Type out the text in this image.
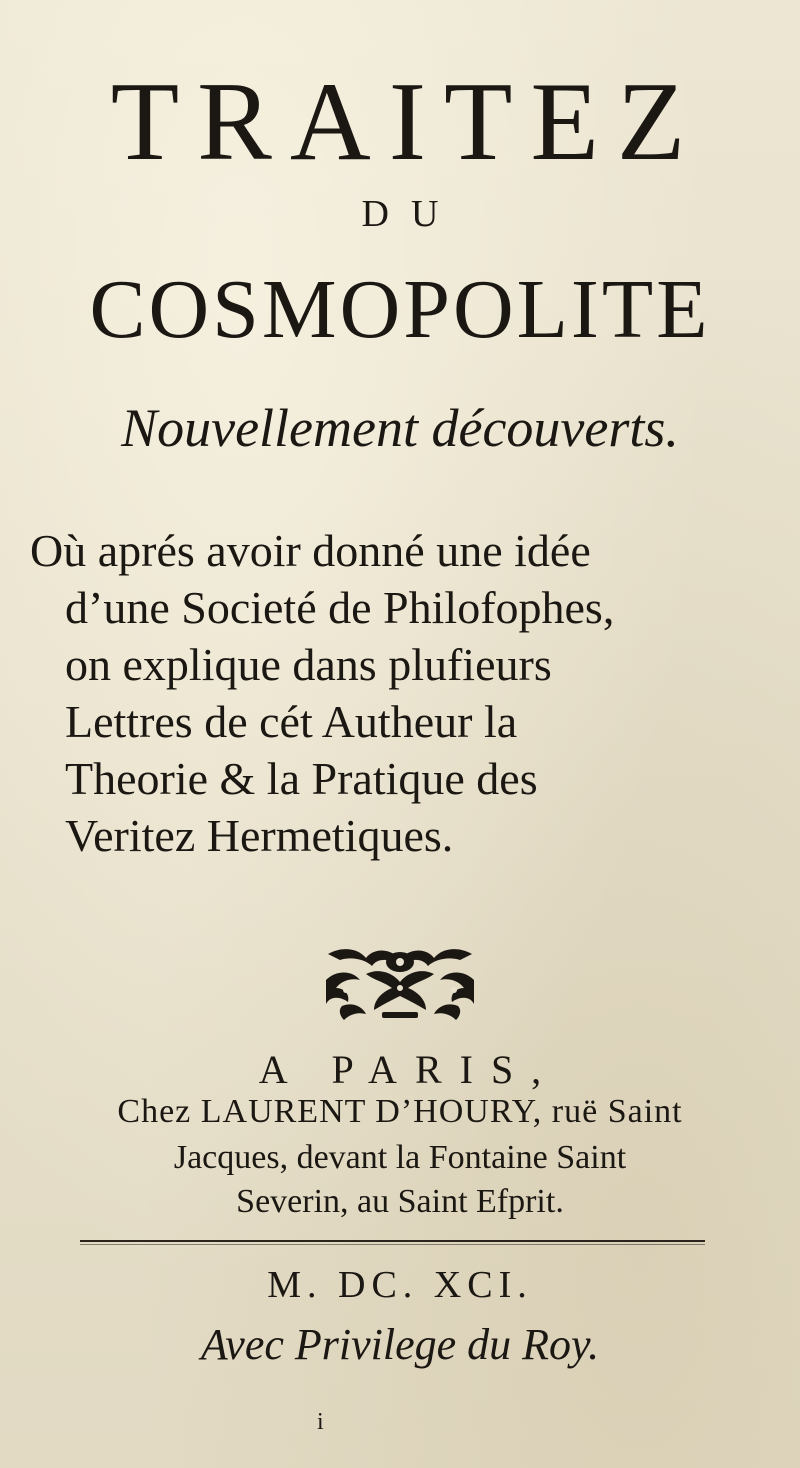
T R A I T E Z
DU
COSMOPOLITE
Nouvellement découverts.
Où aprés avoir donné une idée
d’une Societé de Philofophes,
on explique dans plufieurs
Lettres de cét Autheur la
Theorie & la Pratique des
Veritez Hermetiques.
A PARIS,
Chez LAURENT D’HOURY, ruë Saint
Jacques, devant la Fontaine Saint
Severin, au Saint Efprit.
M. DC. XCI.
Avec Privilege du Roy.
i
